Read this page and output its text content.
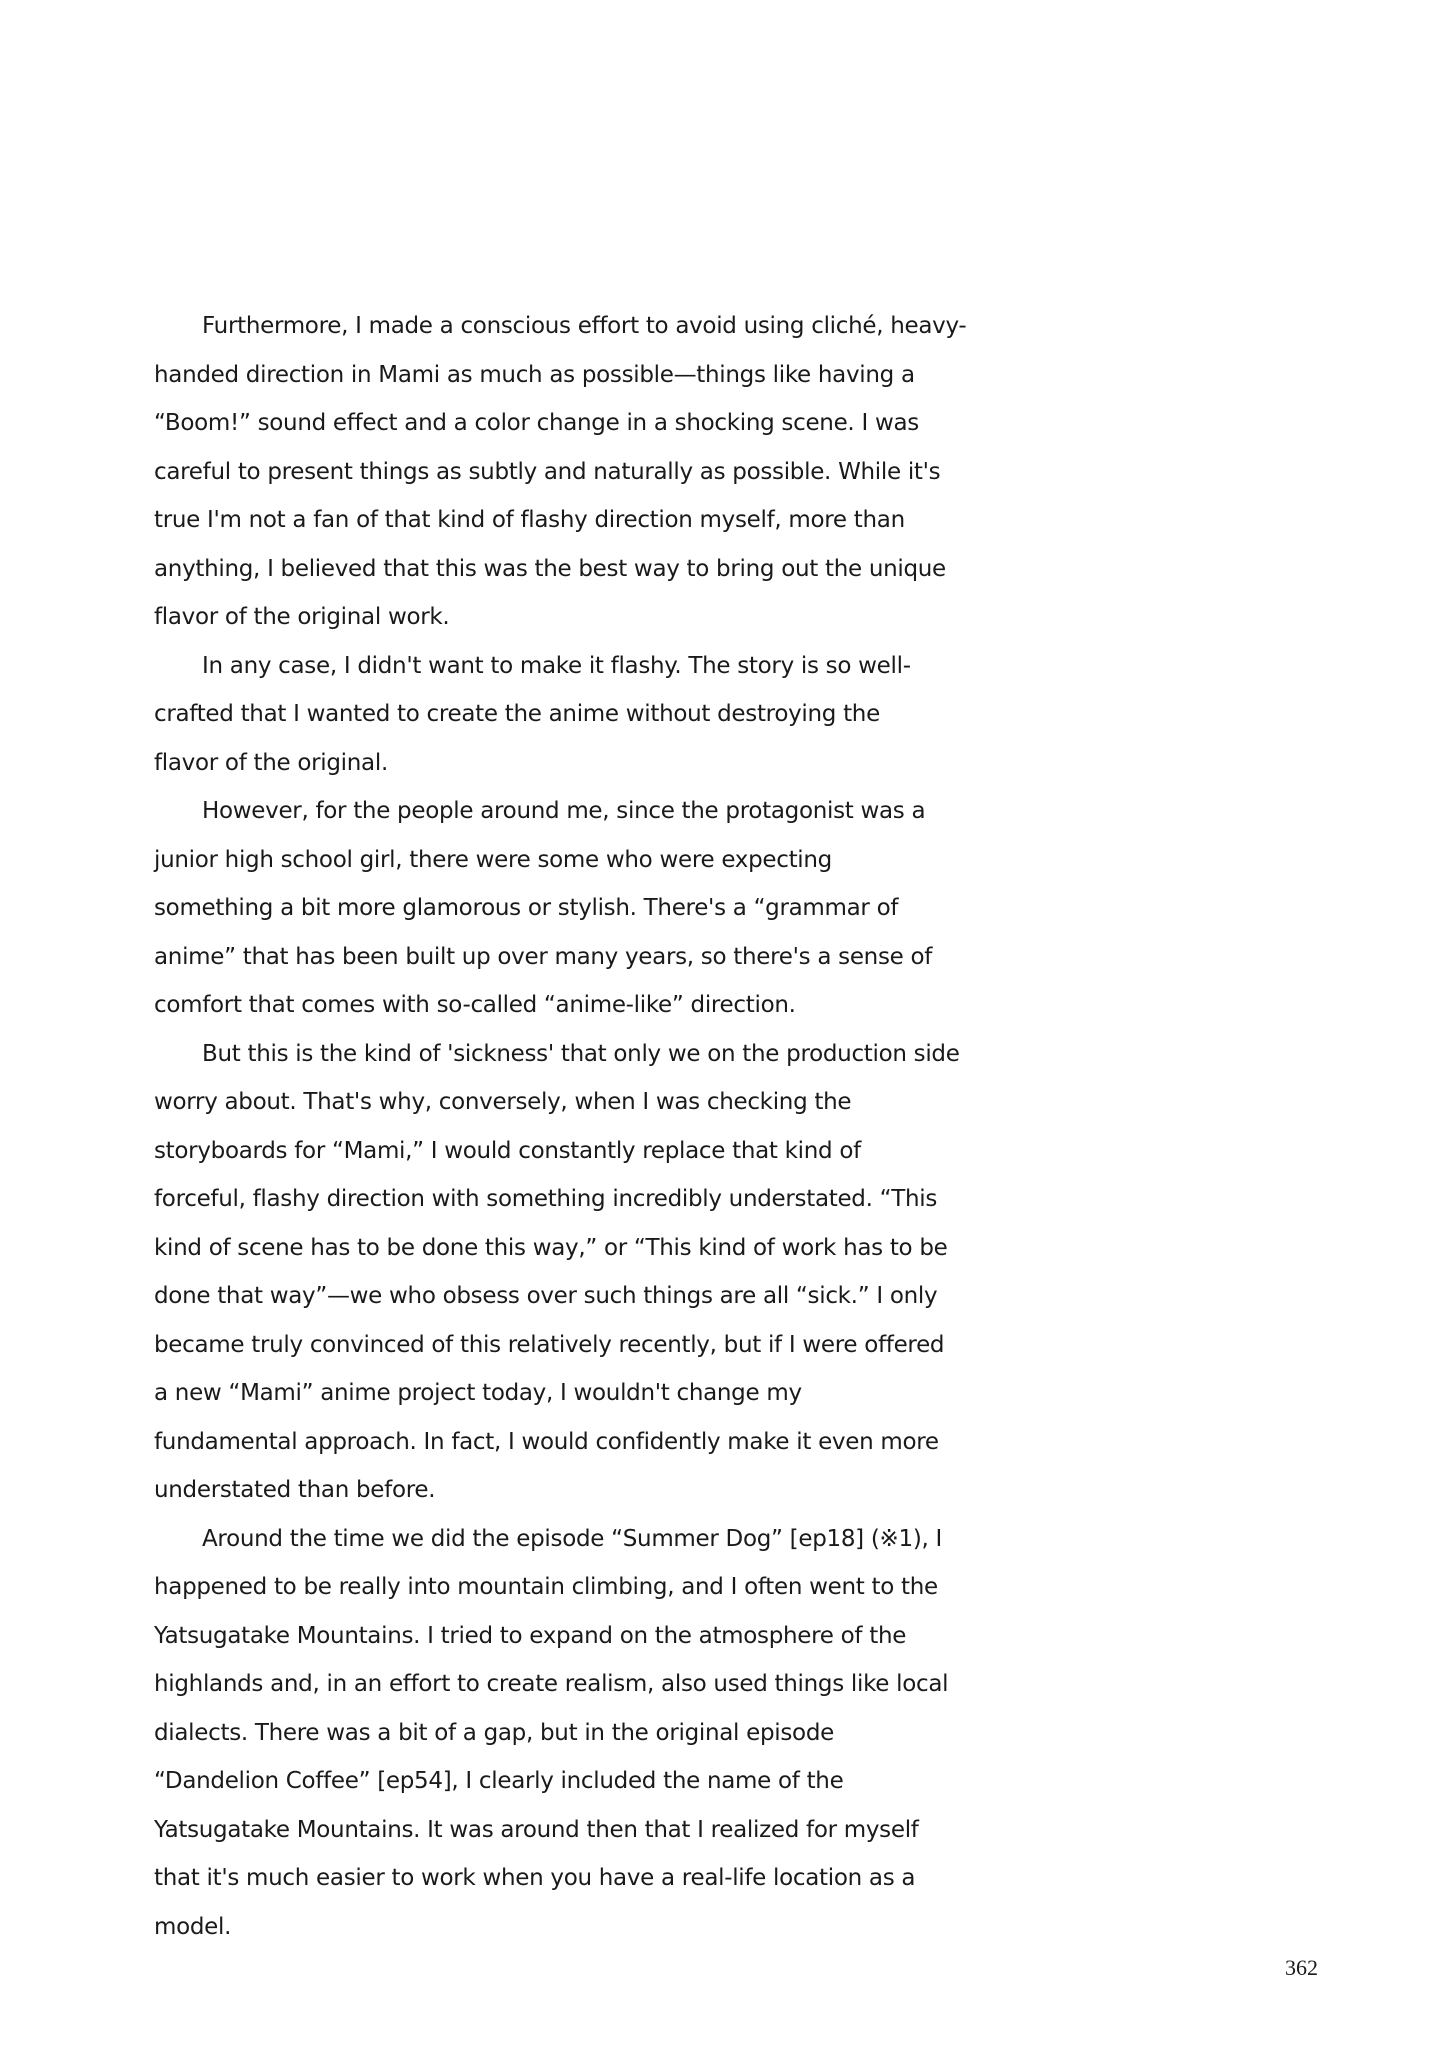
Furthermore, I made a conscious effort to avoid using cliché, heavy-
handed direction in Mami as much as possible—things like having a
“Boom!” sound effect and a color change in a shocking scene. I was
careful to present things as subtly and naturally as possible. While it's
true I'm not a fan of that kind of flashy direction myself, more than
anything, I believed that this was the best way to bring out the unique
flavor of the original work.
In any case, I didn't want to make it flashy. The story is so well-
crafted that I wanted to create the anime without destroying the
flavor of the original.
However, for the people around me, since the protagonist was a
junior high school girl, there were some who were expecting
something a bit more glamorous or stylish. There's a “grammar of
anime” that has been built up over many years, so there's a sense of
comfort that comes with so-called “anime-like” direction.
But this is the kind of 'sickness' that only we on the production side
worry about. That's why, conversely, when I was checking the
storyboards for “Mami,” I would constantly replace that kind of
forceful, flashy direction with something incredibly understated. “This
kind of scene has to be done this way,” or “This kind of work has to be
done that way”—we who obsess over such things are all “sick.” I only
became truly convinced of this relatively recently, but if I were offered
a new “Mami” anime project today, I wouldn't change my
fundamental approach. In fact, I would confidently make it even more
understated than before.
Around the time we did the episode “Summer Dog” [ep18] (※1), I
happened to be really into mountain climbing, and I often went to the
Yatsugatake Mountains. I tried to expand on the atmosphere of the
highlands and, in an effort to create realism, also used things like local
dialects. There was a bit of a gap, but in the original episode
“Dandelion Coffee” [ep54], I clearly included the name of the
Yatsugatake Mountains. It was around then that I realized for myself
that it's much easier to work when you have a real-life location as a
model.
362
